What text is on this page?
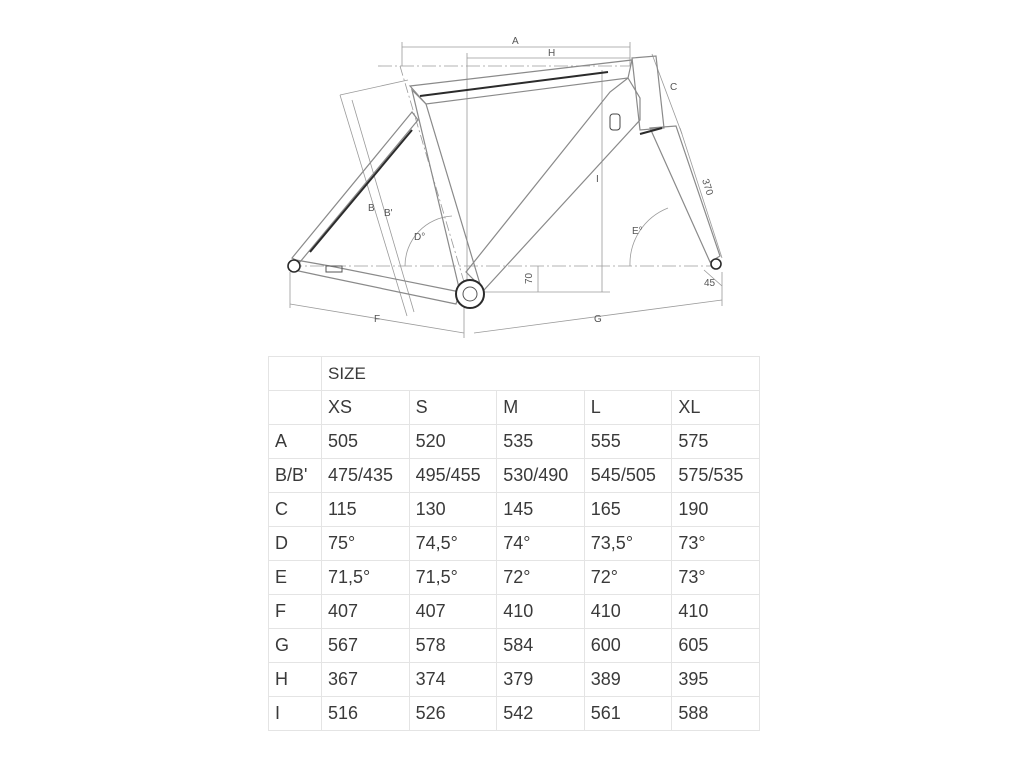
A
H
C
B B'
D°
E°
F	G
I
70
370
45
	SIZE				
	XS	S	M	L	XL
A	505	520	535	555	575
B/B'	475/435	495/455	530/490	545/505	575/535
C	115	130	145	165	190
D	75°	74,5°	74°	73,5°	73°
E	71,5°	71,5°	72°	72°	73°
F	407	407	410	410	410
G	567	578	584	600	605
H	367	374	379	389	395
I	516	526	542	561	588
